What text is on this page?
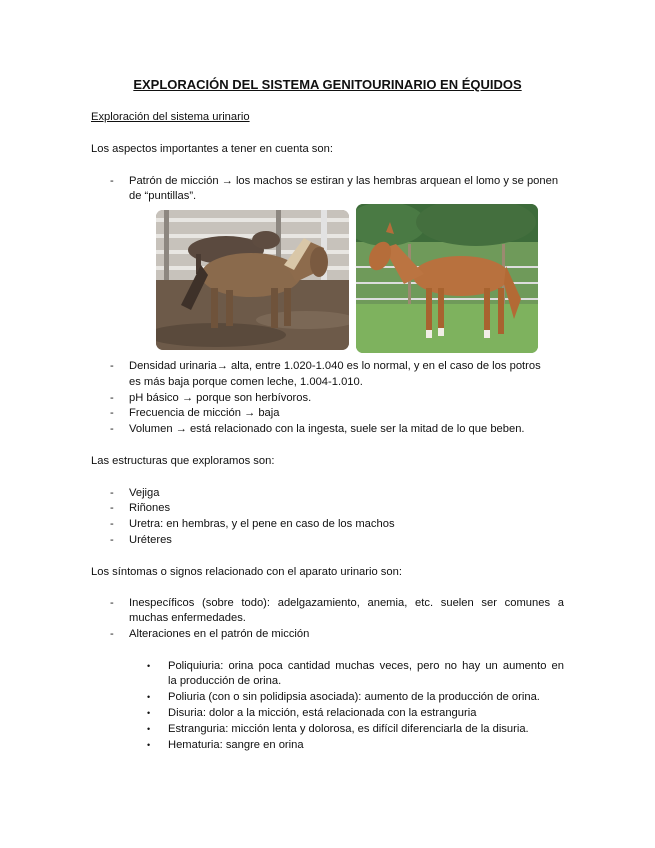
EXPLORACIÓN DEL SISTEMA GENITOURINARIO EN ÉQUIDOS
Exploración del sistema urinario
Los aspectos importantes a tener en cuenta son:
-	Patrón de micción → los machos se estiran y las hembras arquean el lomo y se ponen
de “puntillas”.
-	Densidad urinaria→ alta, entre 1.020-1.040 es lo normal, y en el caso de los potros
es más baja porque comen leche, 1.004-1.010.
-	pH básico → porque son herbívoros.
-	Frecuencia de micción → baja
-	Volumen → está relacionado con la ingesta, suele ser la mitad de lo que beben.
Las estructuras que exploramos son:
-	Vejiga
-	Riñones
-	Uretra: en hembras, y el pene en caso de los machos
-	Uréteres
Los síntomas o signos relacionado con el aparato urinario son:
-	Inespecíficos (sobre todo): adelgazamiento, anemia, etc. suelen ser comunes a
muchas enfermedades.
-	Alteraciones en el patrón de micción
•	Poliquiuria: orina poca cantidad muchas veces, pero no hay un aumento en
la producción de orina.
•	Poliuria (con o sin polidipsia asociada): aumento de la producción de orina.
•	Disuria: dolor a la micción, está relacionada con la estranguria
•	Estranguria: micción lenta y dolorosa, es difícil diferenciarla de la disuria.
•	Hematuria: sangre en orina
